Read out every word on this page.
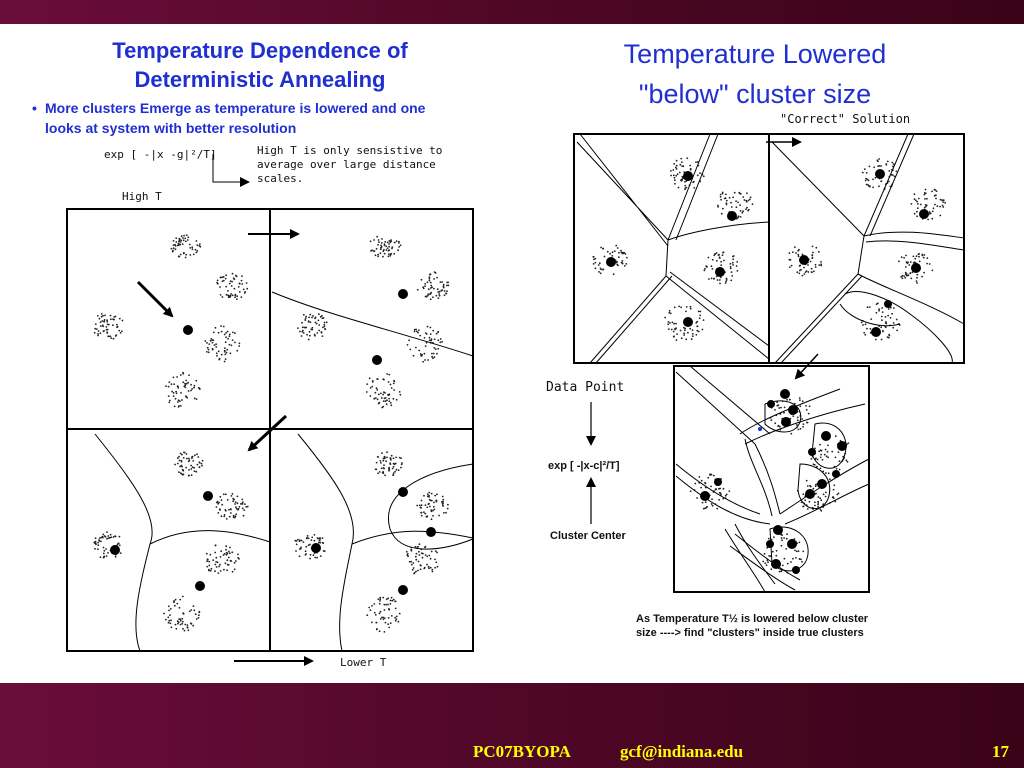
Temperature Dependence of
Deterministic Annealing
• More clusters Emerge as temperature is lowered and one
looks at system with better resolution
Temperature Lowered
"below" cluster size
exp [ -|x -g|²/T]	High T is only sensistive to
average over large distance
scales.
High T
Lower T
"Correct" Solution
Data Point
exp [ -|x-c|²/T]
Cluster Center
As Temperature T½ is lowered below cluster
size ----> find "clusters" inside true clusters
PC07BYOPA	gcf@indiana.edu	17
